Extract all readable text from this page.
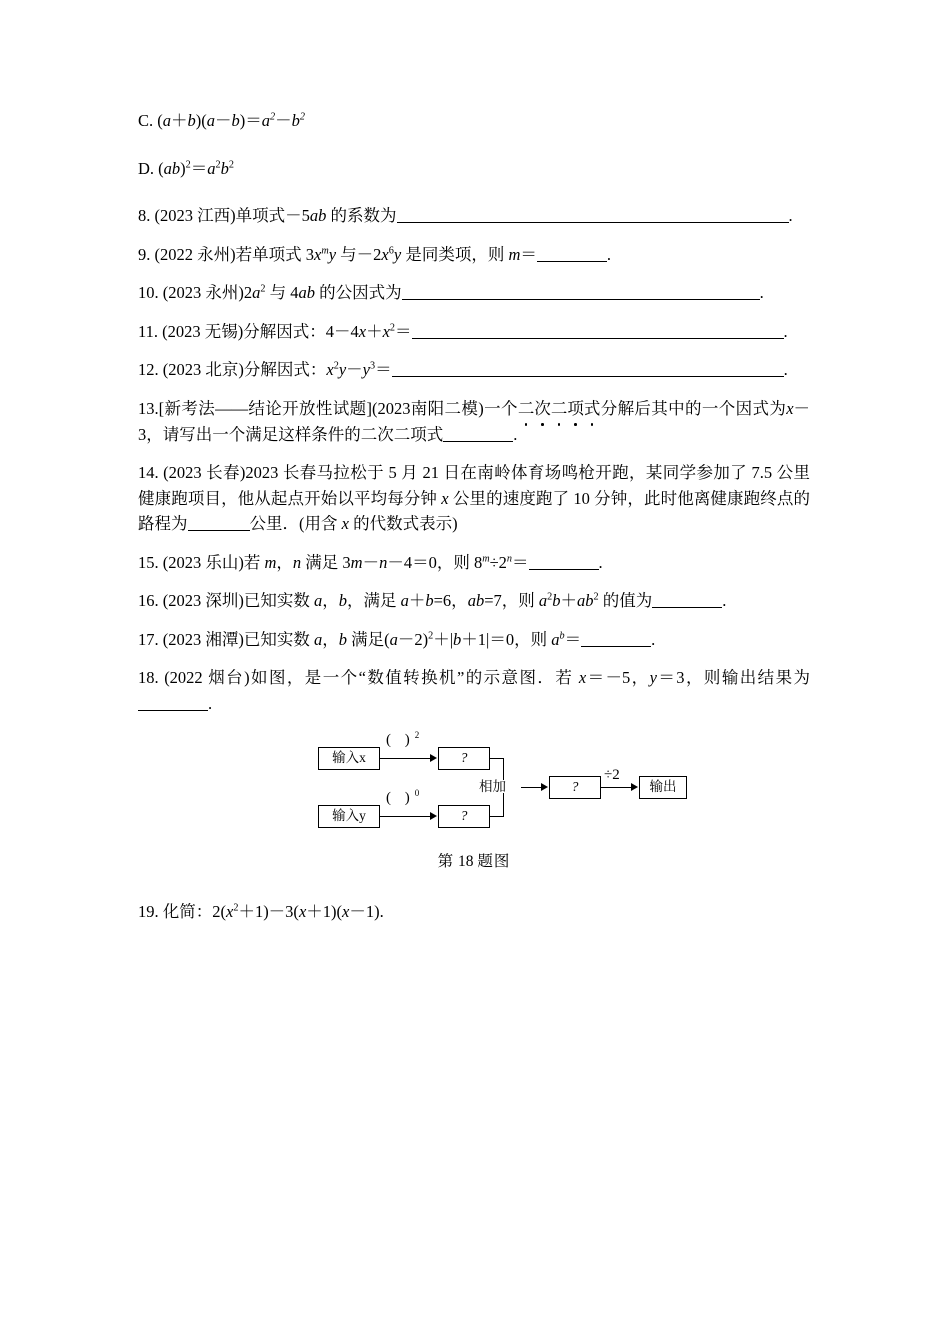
C. $(a+b)(a-b)=a^2-b^2$
D. $(ab)^2=a^2b^2$
8. (2023 江西)单项式－5ab 的系数为	.
9. (2022 永州)若单项式 $3x^my$ 与$-2x^6y$ 是同类项，则 m＝	.
10. (2023 永州)$2a^2$ 与 4ab 的公因式为	.
11. (2023 无锡)分解因式：$4-4x+x^2=$	.
12. (2023 北京)分解因式：$x^2y-y^3=$	.
13.[新考法——结论开放性试题](2023南阳二模)一个二次二项式分解后其中的一个因式为x－3，请写出一个满足这样条件的二次二项式	.
14. (2023 长春)2023 长春马拉松于 5 月 21 日在南岭体育场鸣枪开跑，某同学参加了 7.5 公里健康跑项目，他从起点开始以平均每分钟 x 公里的速度跑了 10 分钟，此时他离健康跑终点的路程为	公里．(用含 x 的代数式表示)
15. (2023 乐山)若 m，n 满足 3m－n－4＝0，则 $8^m\div 2^n=$	.
16. (2023 深圳)已知实数 a，b，满足 a＋b=6，ab=7，则 $a^2b+ab^2$ 的值为	.
17. (2023 湘潭)已知实数 a，b 满足$(a-2)^2+|b+1|=0$，则 $a^b=$	.
18. (2022 烟台)如图，是一个“数值转换机”的示意图．若 x＝－5，y＝3，则输出结果为.
输入x
( )$^2$
?
输入y
( )$^0$
?
相加	?
÷2
输出
第 18 题图
19. 化简：$2(x^2+1)-3(x+1)(x-1)$.
